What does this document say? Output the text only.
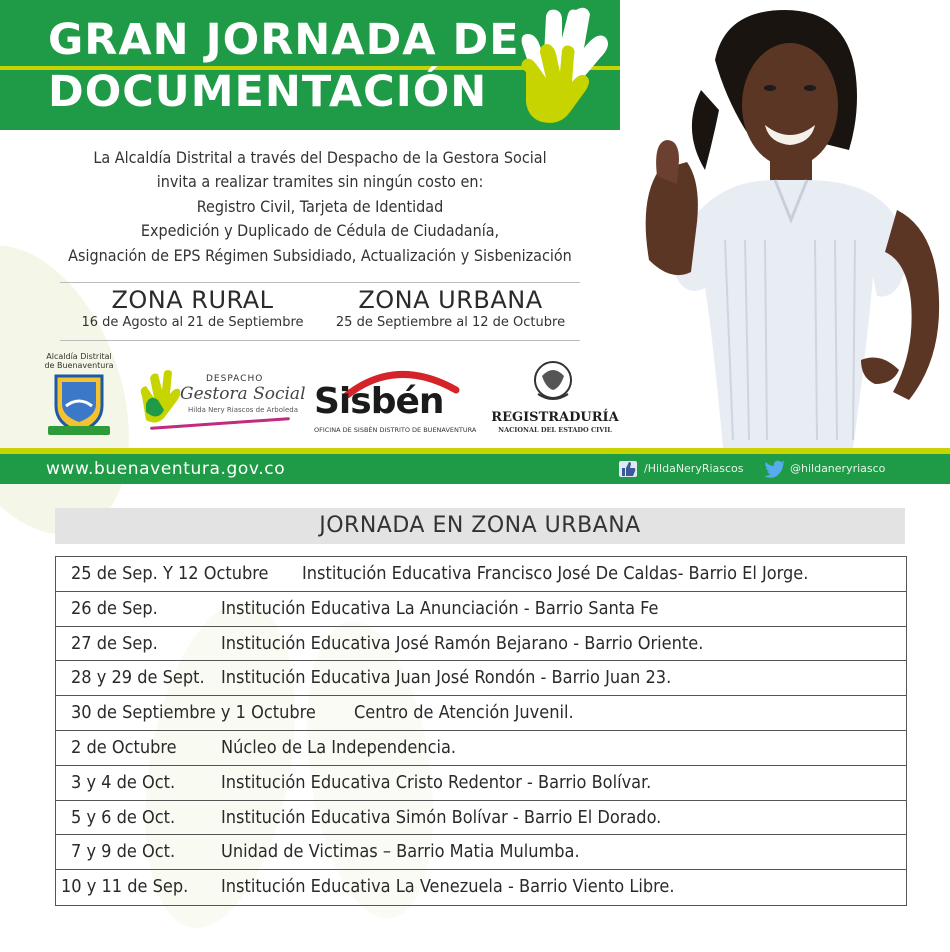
GRAN JORNADA DE
DOCUMENTACIÓN
La Alcaldía Distrital a través del Despacho de la Gestora Social
invita a realizar tramites sin ningún costo en:
Registro Civil, Tarjeta de Identidad
Expedición y Duplicado de Cédula de Ciudadanía,
Asignación de EPS Régimen Subsidiado, Actualización y Sisbenización
ZONA RURAL
16 de Agosto al 21 de Septiembre
ZONA URBANA
25 de Septiembre al 12 de Octubre
Alcaldía Distrital
de Buenaventura
DESPACHO
Gestora Social
Hilda Nery Riascos de Arboleda Sisbén
OFICINA DE SISBÉN DISTRITO DE BUENAVENTURA
REGISTRADURÍA
NACIONAL DEL ESTADO CIVIL
www.buenaventura.gov.co	/HildaNeryRiascos	@hildaneryriasco
JORNADA EN ZONA URBANA
25 de Sep. Y 12 Octubre Institución Educativa Francisco José De Caldas- Barrio El Jorge.
26 de Sep.	Institución Educativa La Anunciación - Barrio Santa Fe
27 de Sep.	Institución Educativa José Ramón Bejarano - Barrio Oriente.
28 y 29 de Sept. Institución Educativa Juan José Rondón - Barrio Juan 23.
30 de Septiembre y 1 Octubre Centro de Atención Juvenil.
2 de Octubre Núcleo de La Independencia.
3 y 4 de Oct.	Institución Educativa Cristo Redentor - Barrio Bolívar.
5 y 6 de Oct.	Institución Educativa Simón Bolívar - Barrio El Dorado.
7 y 9 de Oct.	Unidad de Victimas – Barrio Matia Mulumba.
10 y 11 de Sep. Institución Educativa La Venezuela - Barrio Viento Libre.
